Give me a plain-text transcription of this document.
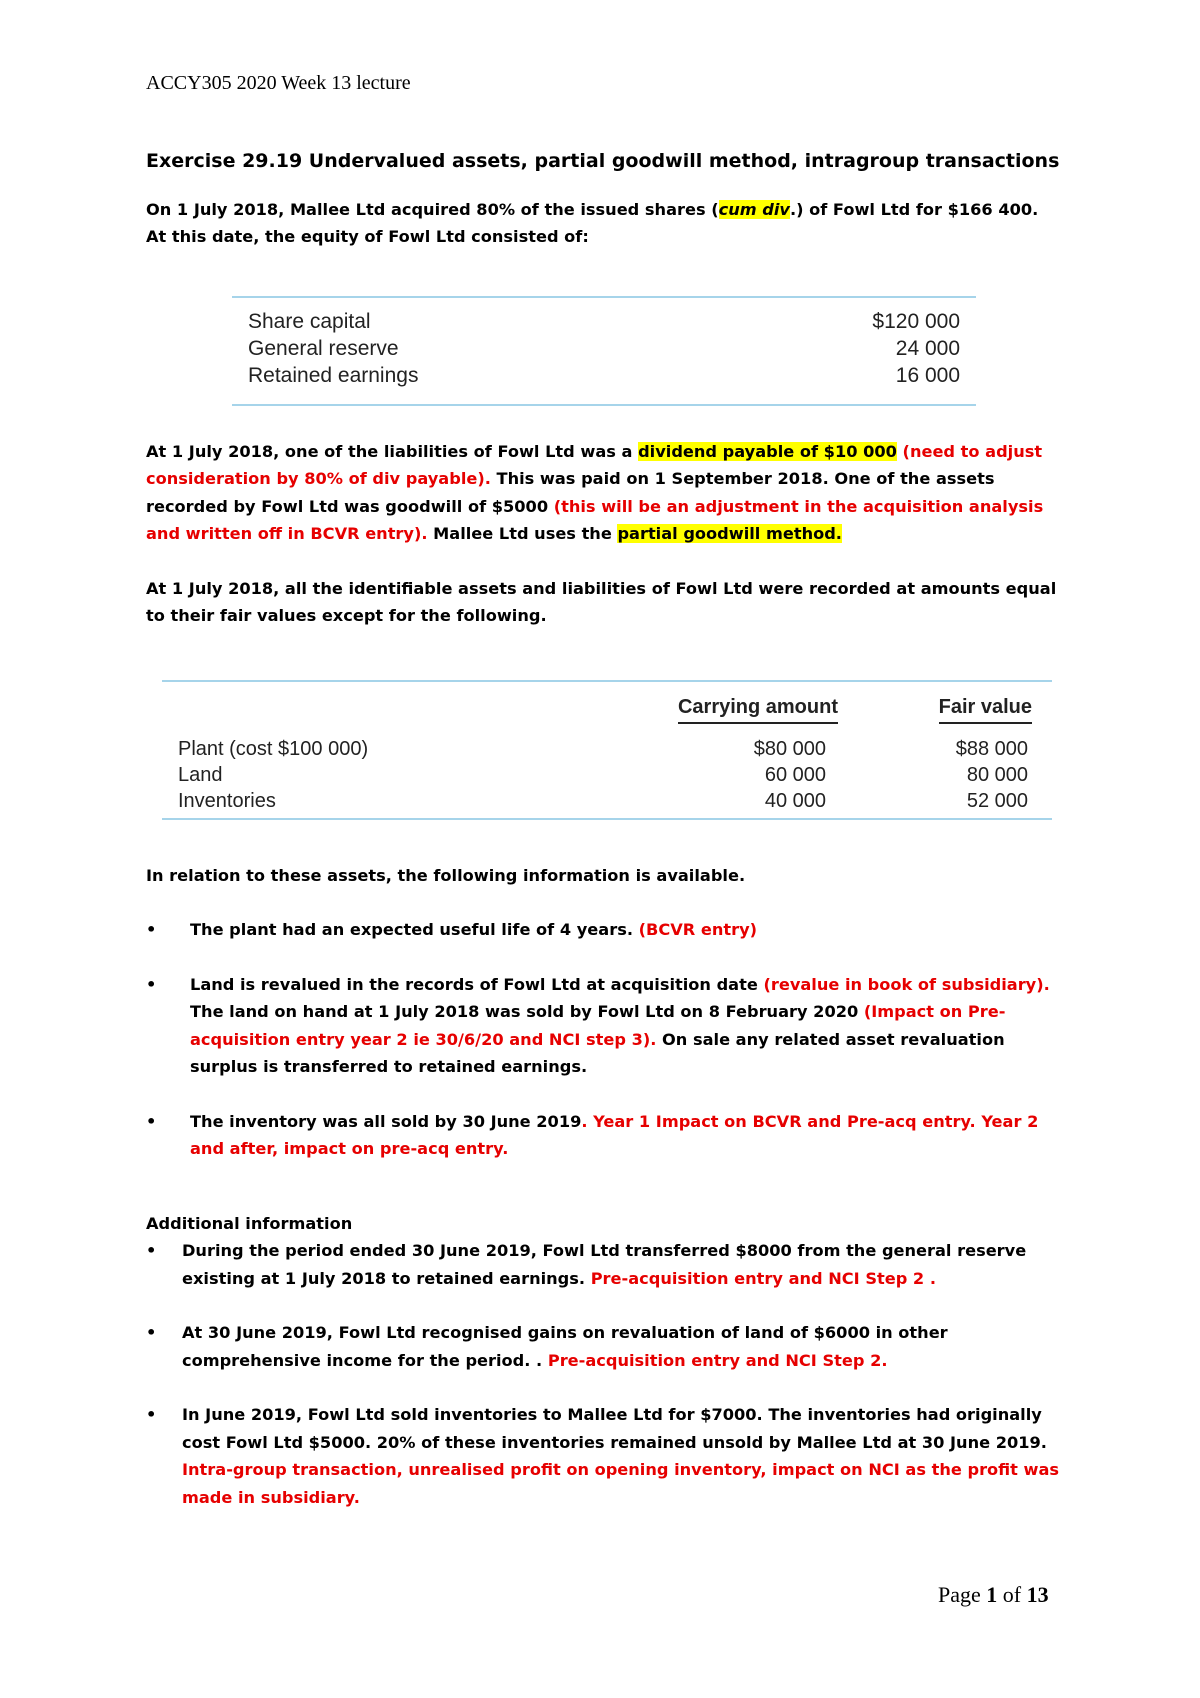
ACCY305 2020 Week 13 lecture

Exercise 29.19 Undervalued assets, partial goodwill method, intragroup transactions

On 1 July 2018, Mallee Ltd acquired 80% of the issued shares (cum div.) of Fowl Ltd for $166 400.

At this date, the equity of Fowl Ltd consisted of:

At 1 July 2018, one of the liabilities of Fowl Ltd was a dividend payable of $10 000 (need to adjust consideration by 80% of div payable). This was paid on 1 September 2018. One of the assets recorded by Fowl Ltd was goodwill of $5000 (this will be an adjustment in the acquisition analysis and written off in BCVR entry). Mallee Ltd uses the partial goodwill method.

At 1 July 2018, all the identifiable assets and liabilities of Fowl Ltd were recorded at amounts equal to their fair values except for the following.

In relation to these assets, the following information is available.

• The plant had an expected useful life of 4 years. (BCVR entry)
• Land is revalued in the records of Fowl Ltd at acquisition date (revalue in book of subsidiary). The land on hand at 1 July 2018 was sold by Fowl Ltd on 8 February 2020 (Impact on Pre-acquisition entry year 2 ie 30/6/20 and NCI step 3). On sale any related asset revaluation surplus is transferred to retained earnings.
• The inventory was all sold by 30 June 2019. Year 1 Impact on BCVR and Pre-acq entry. Year 2 and after, impact on pre-acq entry.

Additional information

• During the period ended 30 June 2019, Fowl Ltd transferred $8000 from the general reserve existing at 1 July 2018 to retained earnings. Pre-acquisition entry and NCI Step 2 .
• At 30 June 2019, Fowl Ltd recognised gains on revaluation of land of $6000 in other comprehensive income for the period. . Pre-acquisition entry and NCI Step 2.
• In June 2019, Fowl Ltd sold inventories to Mallee Ltd for $7000. The inventories had originally cost Fowl Ltd $5000. 20% of these inventories remained unsold by Mallee Ltd at 30 June 2019. Intra-group transaction, unrealised profit on opening inventory, impact on NCI as the profit was made in subsidiary.
Share capital	$120 000
General reserve	24 000
Retained earnings	16 000
Carrying amount	Fair value
Plant (cost $100 000)	$80 000	$88 000
Land	60 000	80 000
Inventories	40 000	52 000
Page 1 of 13
